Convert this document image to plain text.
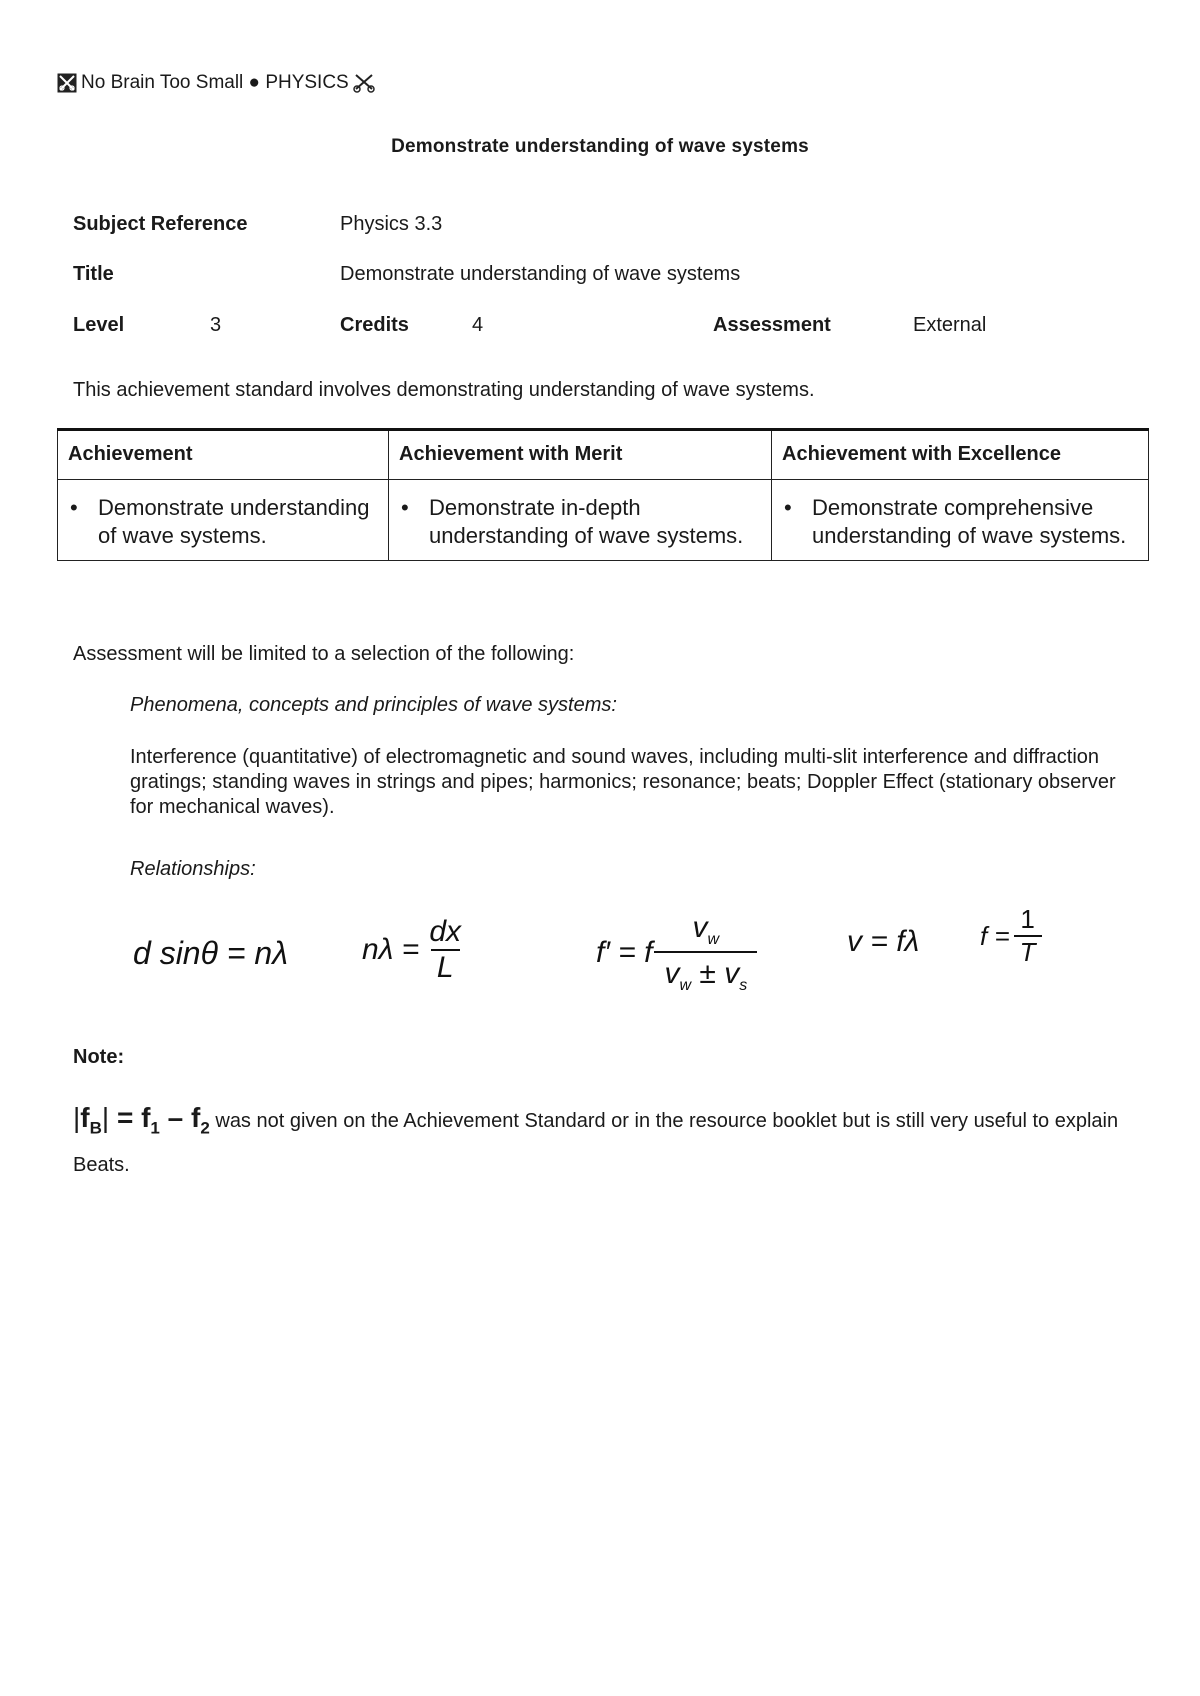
No Brain Too Small ● PHYSICS
Demonstrate understanding of wave systems
Subject Reference	Physics 3.3
Title	Demonstrate understanding of wave systems
Level	3	Credits	4	Assessment	External
This achievement standard involves demonstrating understanding of wave systems.
Achievement	Achievement with Merit	Achievement with Excellence

• Demonstrate understanding of wave systems.	• Demonstrate in-depth understanding of wave systems.	• Demonstrate comprehensive understanding of wave systems.
Assessment will be limited to a selection of the following:
Phenomena, concepts and principles of wave systems:
Interference (quantitative) of electromagnetic and sound waves, including multi-slit interference and diffraction gratings; standing waves in strings and pipes; harmonics; resonance; beats; Doppler Effect (stationary observer for mechanical waves).
Relationships:
d sinθ = nλ $n\lambda = \frac{dx}{L}$	f′ = f $\frac{v_w}{v_w \pm v_s}$	v = fλ $f = \frac{1}{T}$
Note:
$|f_B| = f_1 - f_2$ was not given on the Achievement Standard or in the resource booklet but is still very useful to explain Beats.
